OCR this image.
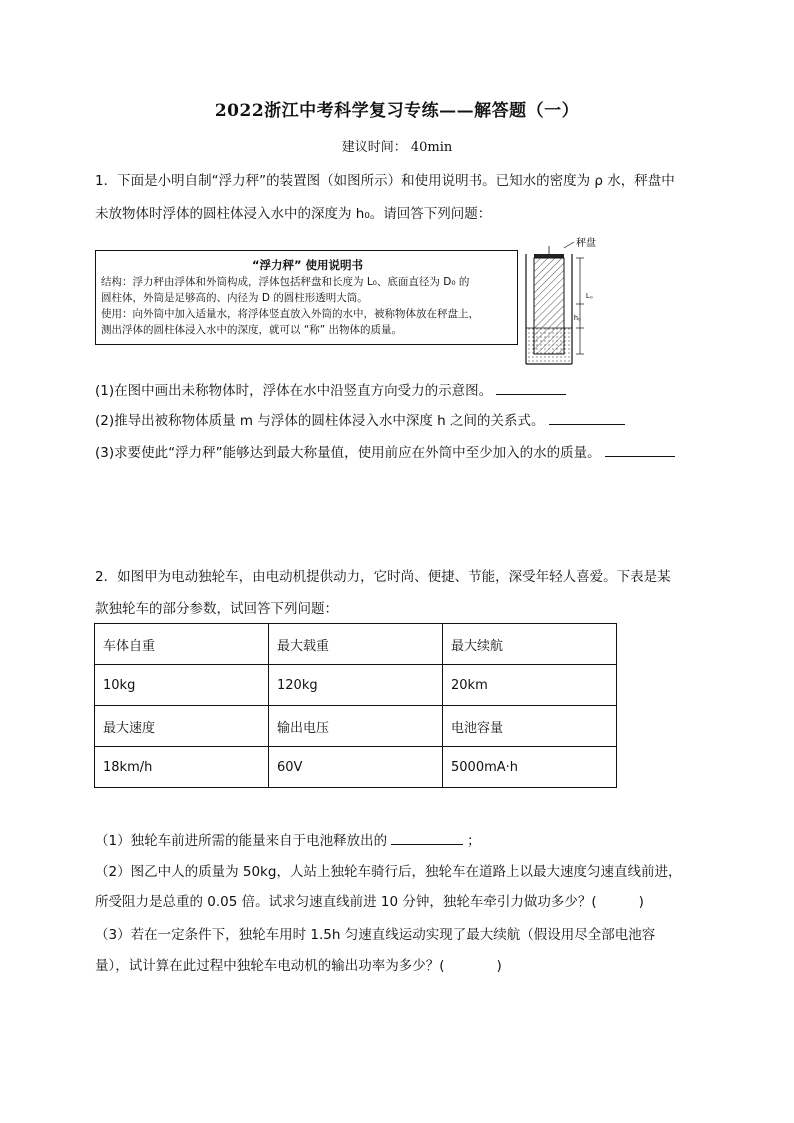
2022浙江中考科学复习专练——解答题（一）
建议时间： 40min
1．下面是小明自制“浮力秤”的装置图（如图所示）和使用说明书。已知水的密度为 ρ 水，秤盘中
未放物体时浮体的圆柱体浸入水中的深度为 h₀。请回答下列问题：
“浮力秤” 使用说明书
结构：浮力秤由浮体和外筒构成，浮体包括秤盘和长度为 L₀、底面直径为 D₀ 的
圆柱体，外筒是足够高的、内径为 D 的圆柱形透明大筒。
使用：向外筒中加入适量水，将浮体竖直放入外筒的水中，被称物体放在秤盘上，
测出浮体的圆柱体浸入水中的深度，就可以 “称” 出物体的质量。
秤盘
L₀
h₀
(1)在图中画出未称物体时，浮体在水中沿竖直方向受力的示意图。
(2)推导出被称物体质量 m 与浮体的圆柱体浸入水中深度 h 之间的关系式。
(3)求要使此“浮力秤”能够达到最大称量值，使用前应在外筒中至少加入的水的质量。
2．如图甲为电动独轮车，由电动机提供动力，它时尚、便捷、节能，深受年轻人喜爱。下表是某
款独轮车的部分参数，试回答下列问题：
车体自重	最大载重	最大续航
10kg	120kg	20km
最大速度	输出电压	电池容量
18km/h	60V	5000mA·h
（1）独轮车前进所需的能量来自于电池释放出的	；
（2）图乙中人的质量为 50kg，人站上独轮车骑行后，独轮车在道路上以最大速度匀速直线前进，
所受阻力是总重的 0.05 倍。试求匀速直线前进 10 分钟，独轮车牵引力做功多少？(	)
（3）若在一定条件下，独轮车用时 1.5h 匀速直线运动实现了最大续航（假设用尽全部电池容
量），试计算在此过程中独轮车电动机的输出功率为多少？(	)
